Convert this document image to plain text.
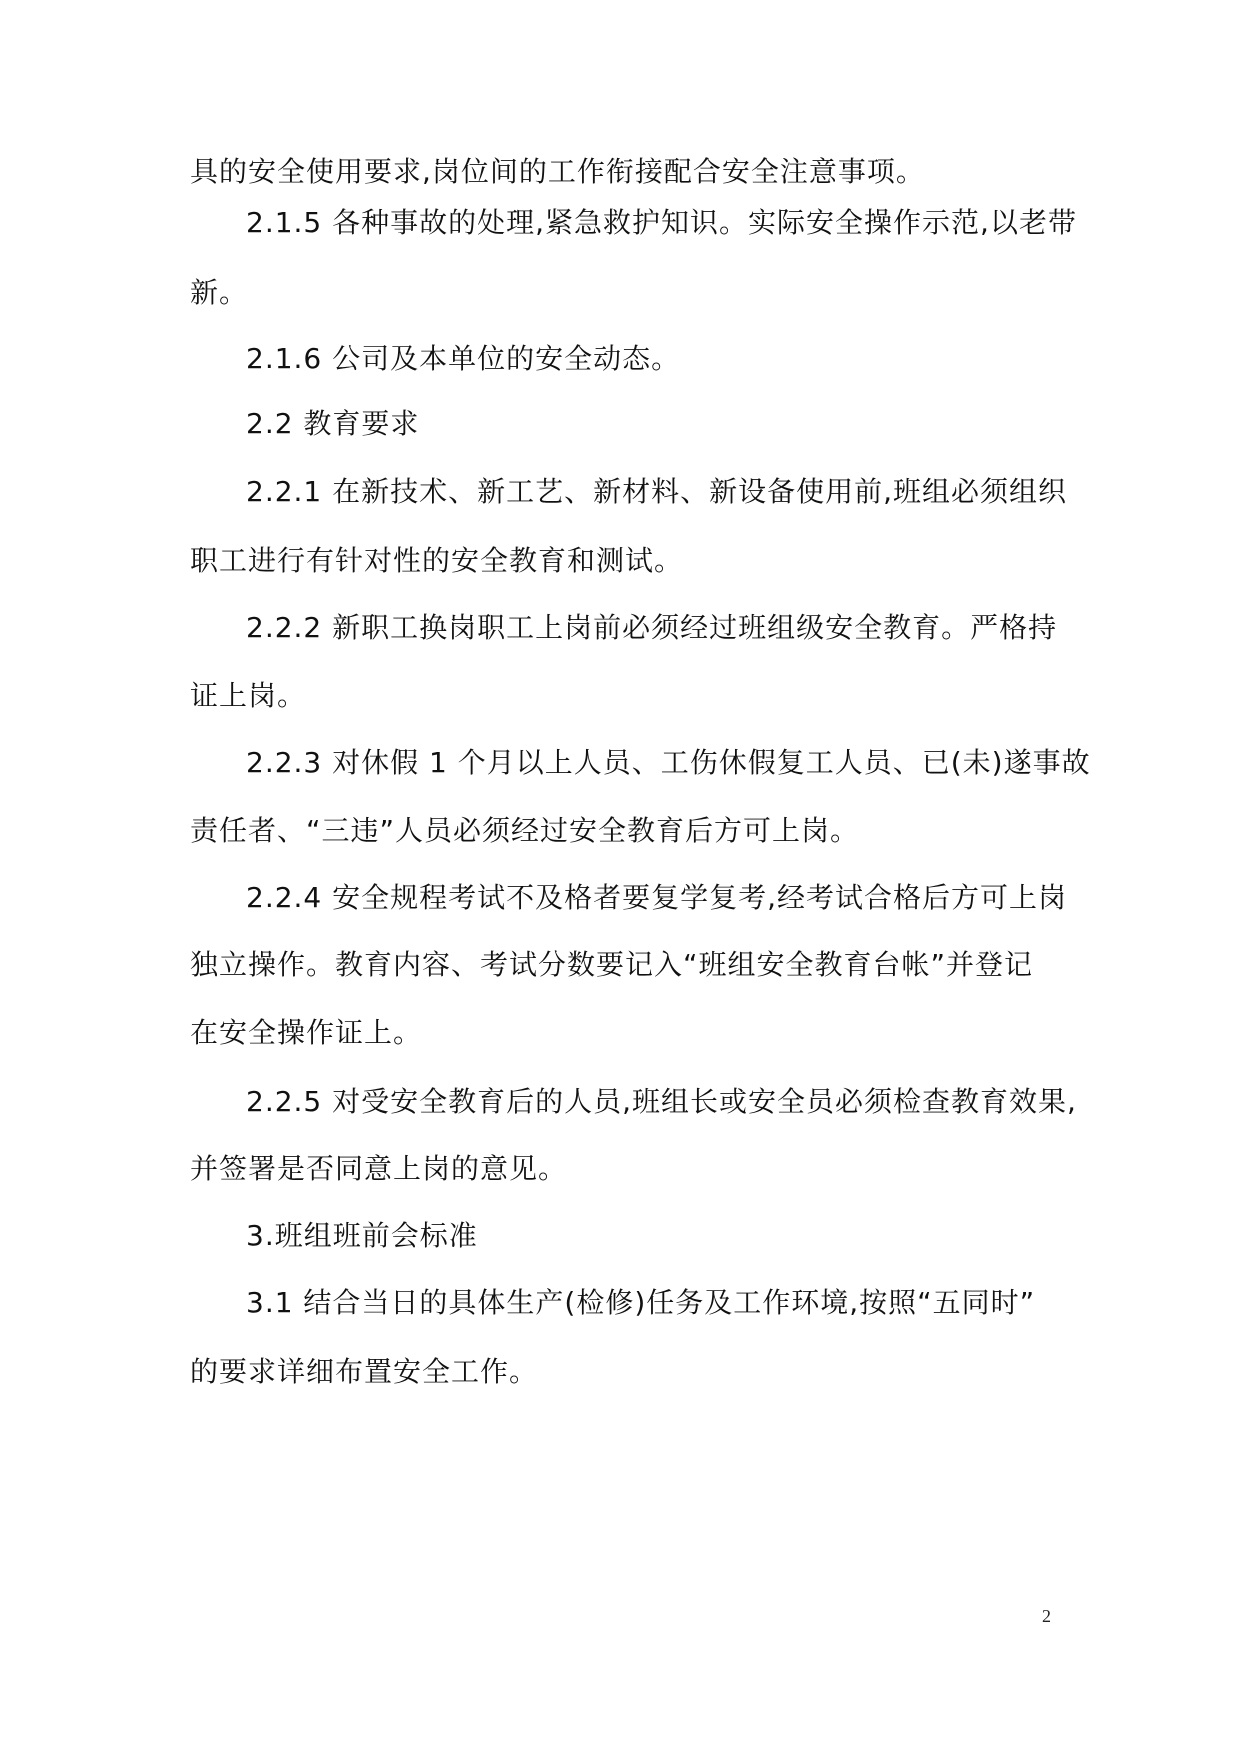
具的安全使用要求,岗位间的工作衔接配合安全注意事项。
2.1.5 各种事故的处理,紧急救护知识。实际安全操作示范,以老带
新。
2.1.6 公司及本单位的安全动态。
2.2 教育要求
2.2.1 在新技术、新工艺、新材料、新设备使用前,班组必须组织
职工进行有针对性的安全教育和测试。
2.2.2 新职工换岗职工上岗前必须经过班组级安全教育。严格持
证上岗。
2.2.3 对休假 1 个月以上人员、工伤休假复工人员、已(未)遂事故
责任者、“三违”人员必须经过安全教育后方可上岗。
2.2.4 安全规程考试不及格者要复学复考,经考试合格后方可上岗
独立操作。教育内容、考试分数要记入“班组安全教育台帐”并登记
在安全操作证上。
2.2.5 对受安全教育后的人员,班组长或安全员必须检查教育效果,
并签署是否同意上岗的意见。
3.班组班前会标准
3.1 结合当日的具体生产(检修)任务及工作环境,按照“五同时”
的要求详细布置安全工作。
2
